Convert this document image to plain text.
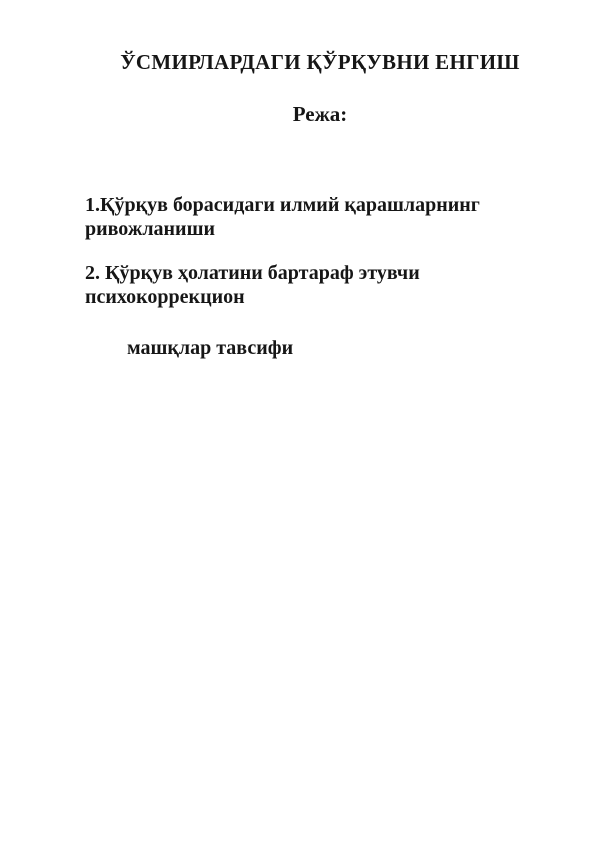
ЎСМИРЛАРДАГИ ҚЎРҚУВНИ ЕНГИШ

Режа:

1.Қўрқув борасидаги илмий қарашларнинг  ривожланиши

2. Қўрқув ҳолатини бартараф этувчи психокоррекцион

машқлар тавсифи
